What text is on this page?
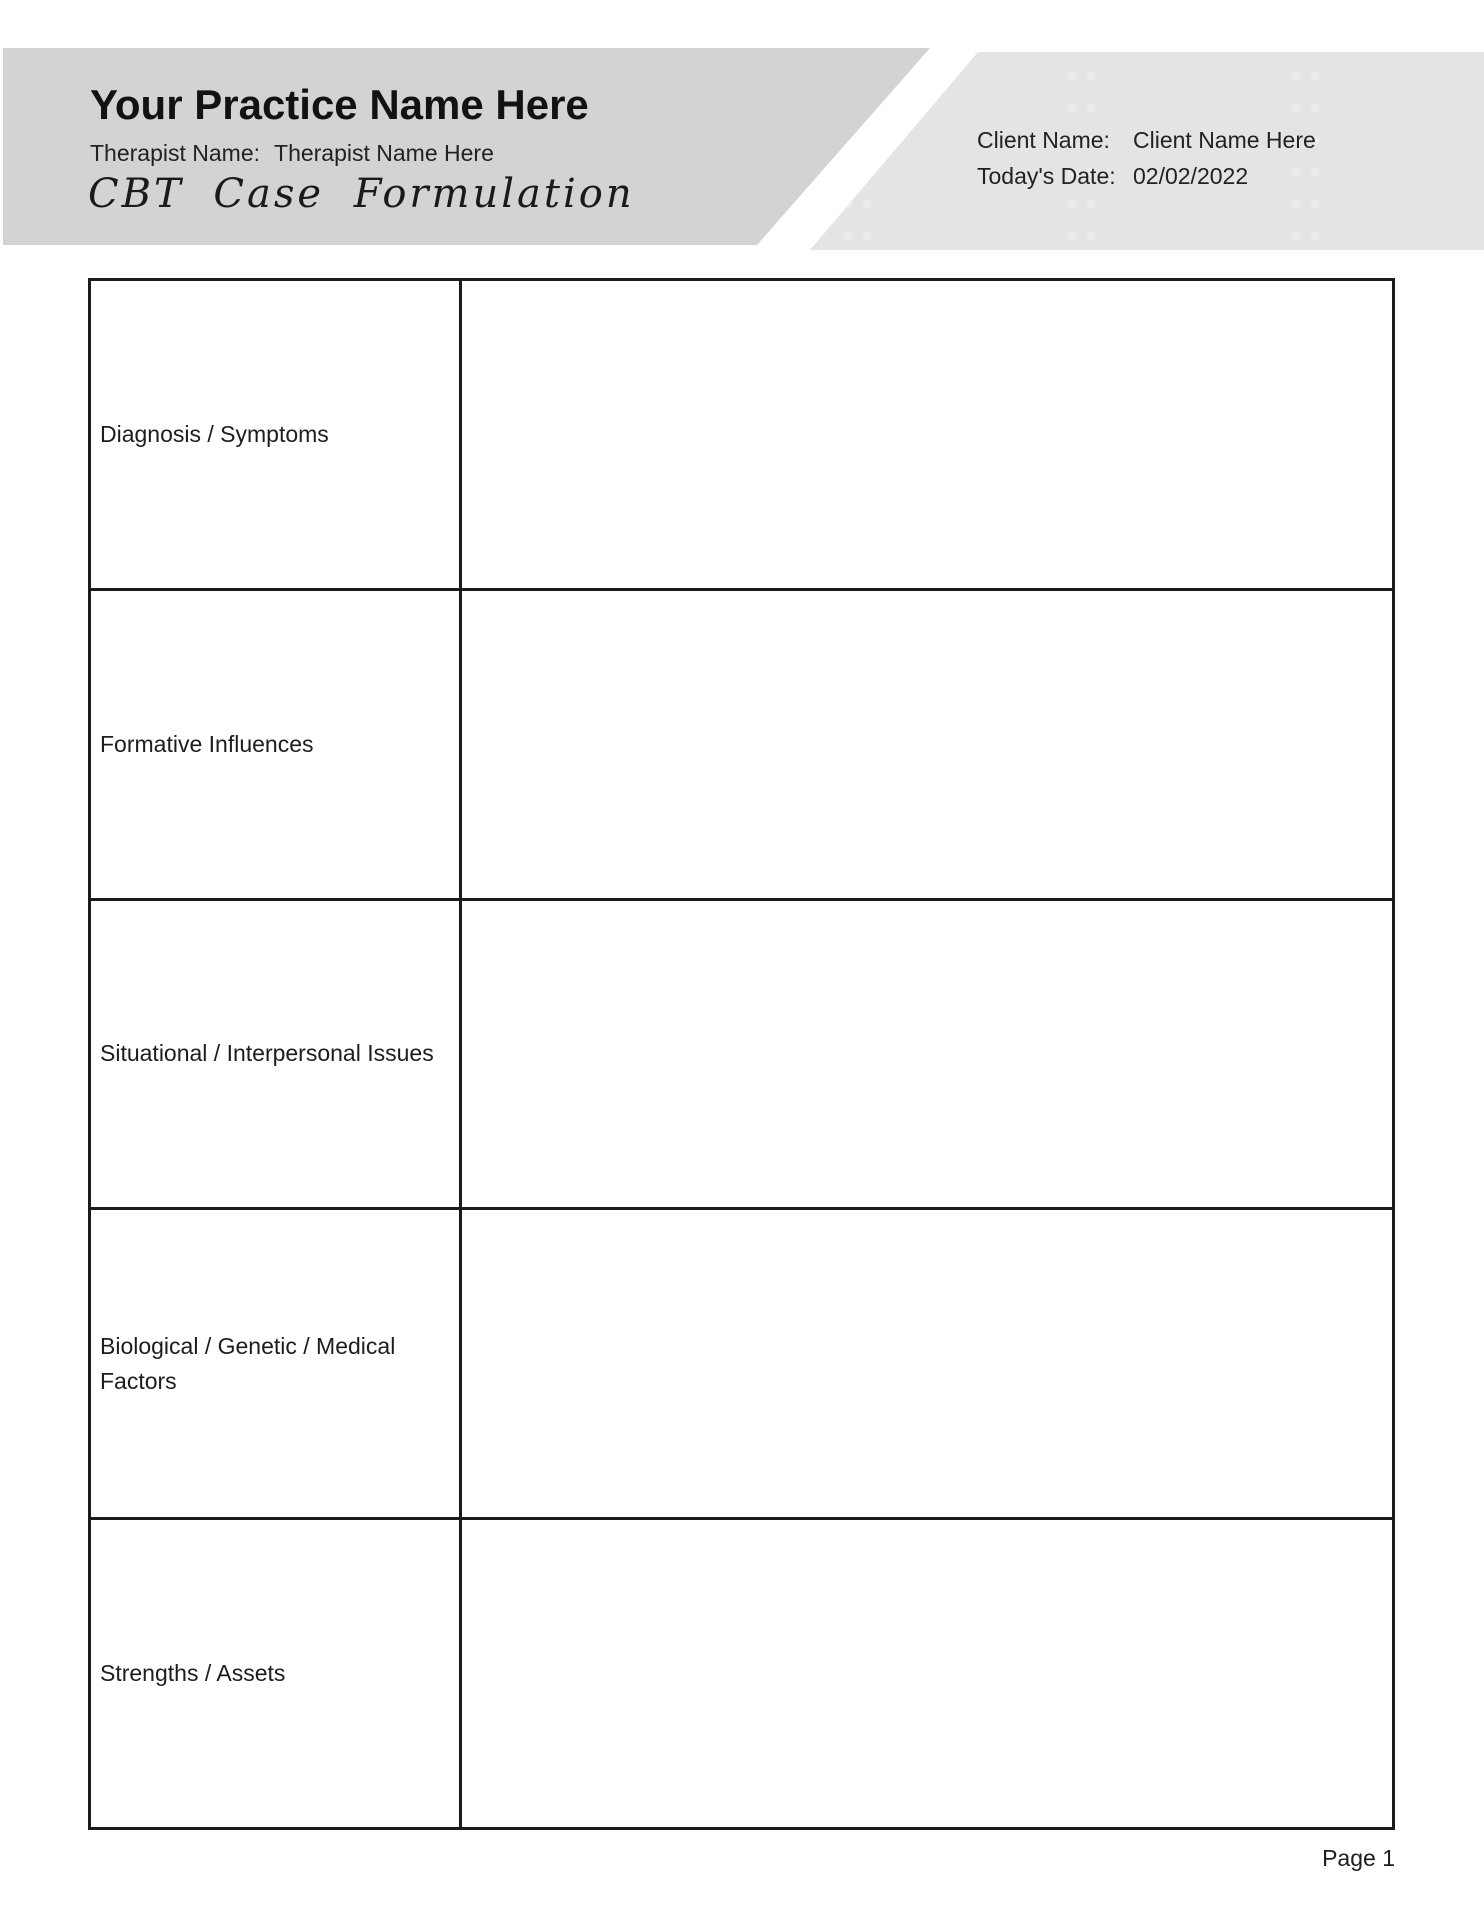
Your Practice Name Here
Therapist Name: Therapist Name Here
CBT Case Formulation
Client Name:	Client Name Here
Today's Date: 02/02/2022
Diagnosis / Symptoms
Formative Influences
Situational / Interpersonal Issues
Biological / Genetic / Medical Factors
Strengths / Assets
Page 1
